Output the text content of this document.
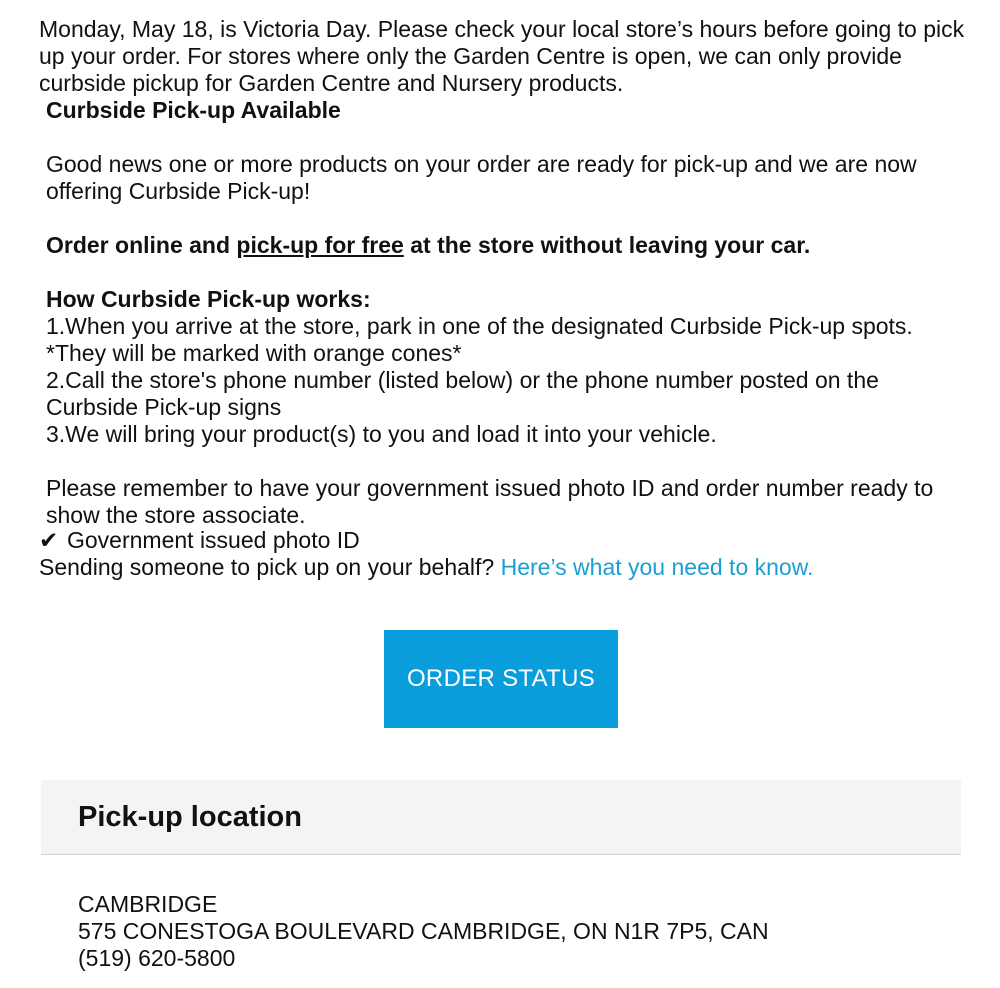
Monday, May 18, is Victoria Day. Please check your local store’s hours before going to pick up your order. For stores where only the Garden Centre is open, we can only provide curbside pickup for Garden Centre and Nursery products.
Curbside Pick-up Available
Good news one or more products on your order are ready for pick-up and we are now offering Curbside Pick-up!
Order online and pick-up for free at the store without leaving your car.
How Curbside Pick-up works:
1.When you arrive at the store, park in one of the designated Curbside Pick-up spots.
*They will be marked with orange cones*
2.Call the store's phone number (listed below) or the phone number posted on the Curbside Pick-up signs
3.We will bring your product(s) to you and load it into your vehicle.
Please remember to have your government issued photo ID and order number ready to show the store associate.
✔ Government issued photo ID
Sending someone to pick up on your behalf? Here’s what you need to know.
ORDER STATUS
Pick-up location
CAMBRIDGE
575 CONESTOGA BOULEVARD CAMBRIDGE, ON N1R 7P5, CAN
(519) 620-5800
